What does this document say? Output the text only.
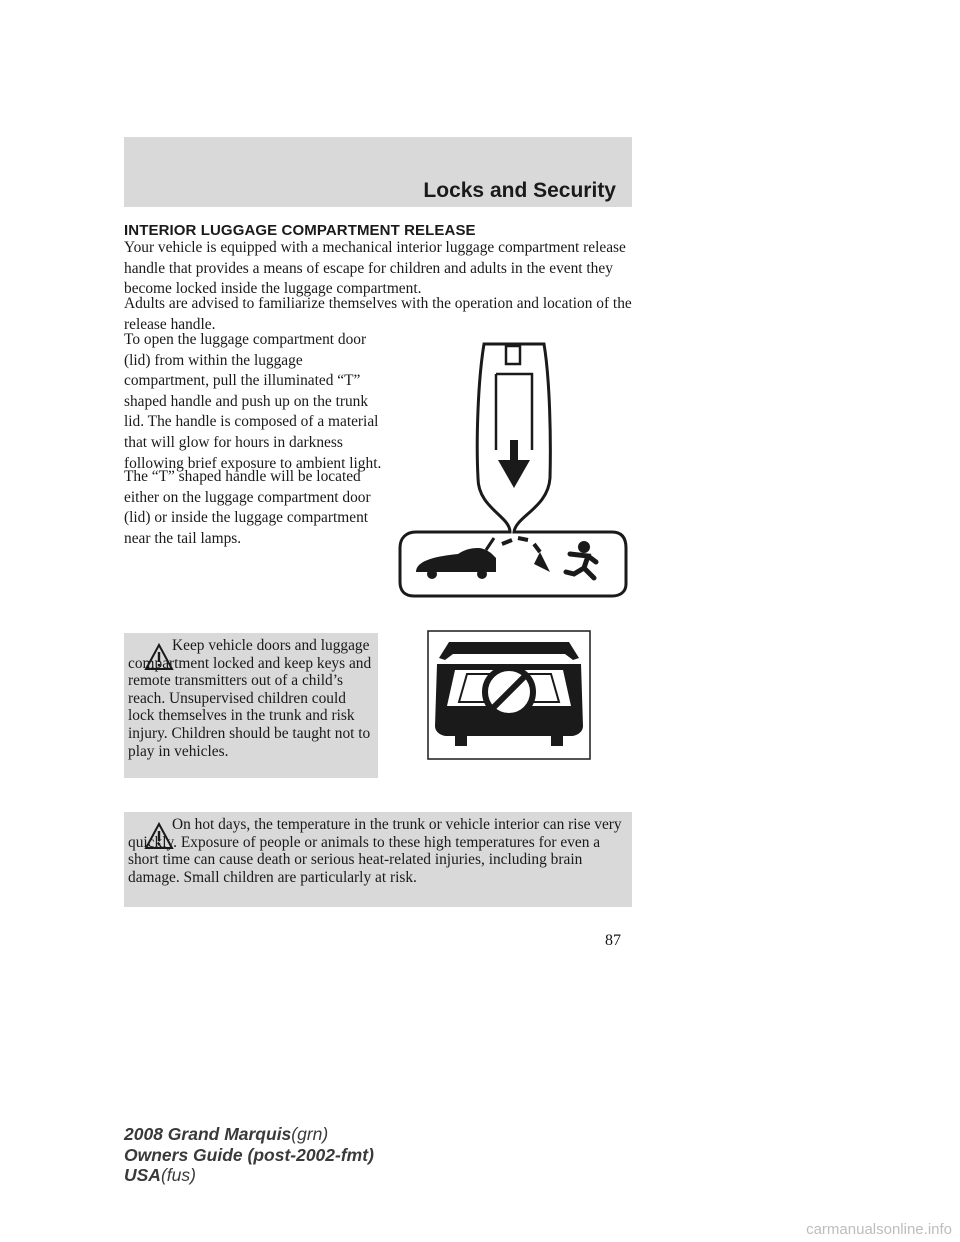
Locks and Security
INTERIOR LUGGAGE COMPARTMENT RELEASE
Your vehicle is equipped with a mechanical interior luggage compartment release handle that provides a means of escape for children and adults in the event they become locked inside the luggage compartment.
Adults are advised to familiarize themselves with the operation and location of the release handle.
To open the luggage compartment door (lid) from within the luggage compartment, pull the illuminated “T” shaped handle and push up on the trunk lid. The handle is composed of a material that will glow for hours in darkness following brief exposure to ambient light.
The “T” shaped handle will be located either on the luggage compartment door (lid) or inside the luggage compartment near the tail lamps.
Keep vehicle doors and luggage compartment locked and keep keys and remote transmitters out of a child’s reach. Unsupervised children could lock themselves in the trunk and risk injury. Children should be taught not to play in vehicles.
On hot days, the temperature in the trunk or vehicle interior can rise very quickly. Exposure of people or animals to these high temperatures for even a short time can cause death or serious heat-related injuries, including brain damage. Small children are particularly at risk.
87
2008 Grand Marquis(grn)
Owners Guide (post-2002-fmt)
USA(fus)
carmanualsonline.info
